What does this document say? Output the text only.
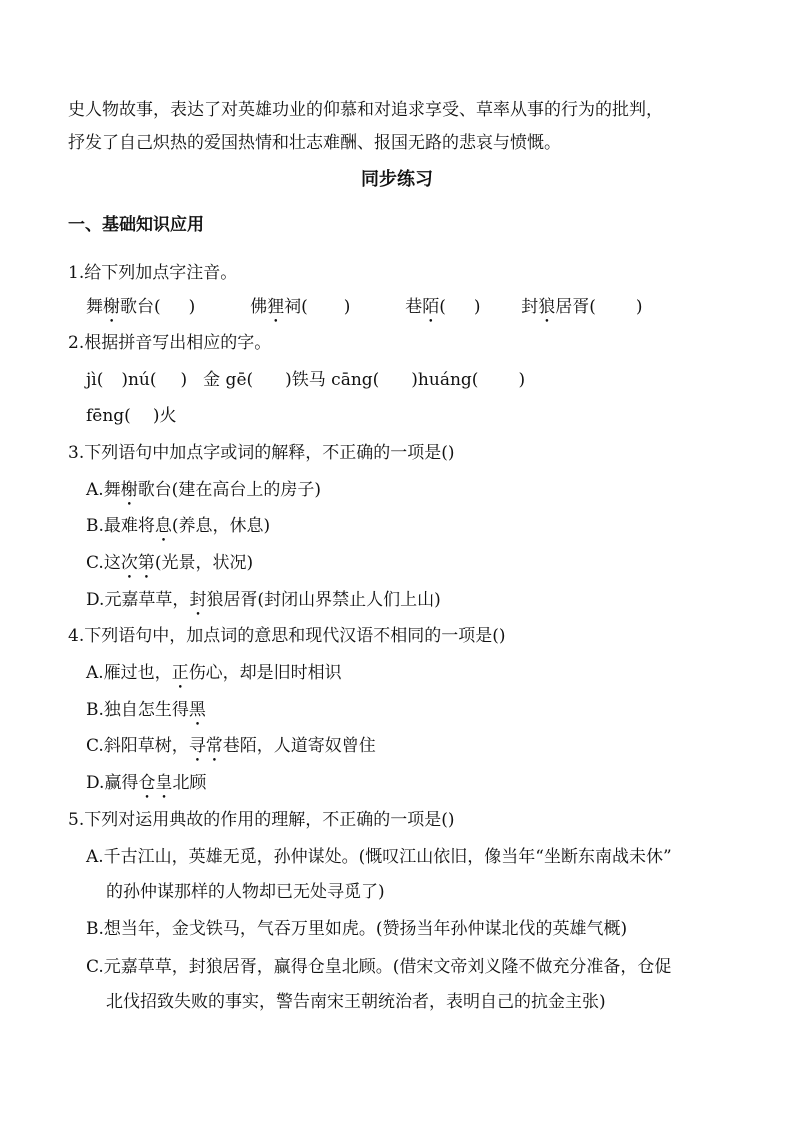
史人物故事，表达了对英雄功业的仰慕和对追求享受、草率从事的行为的批判，
抒发了自己炽热的爱国热情和壮志难酬、报国无路的悲哀与愤慨。
同步练习
一、基础知识应用
1.给下列加点字注音。
舞榭歌台( )	佛狸祠( )	巷陌( ) 封狼居胥( )
2.根据拼音写出相应的字。
jì( )nú( ) 金 gē( )铁马 cāng( )huáng( )
fēng( )火
3.下列语句中加点字或词的解释，不正确的一项是()
A.舞榭歌台(建在高台上的房子)
B.最难将息(养息，休息)
C.这次第(光景，状况)
D.元嘉草草，封狼居胥(封闭山界禁止人们上山)
4.下列语句中，加点词的意思和现代汉语不相同的一项是()
A.雁过也，正伤心，却是旧时相识
B.独自怎生得黑
C.斜阳草树，寻常巷陌，人道寄奴曾住
D.赢得仓皇北顾
5.下列对运用典故的作用的理解，不正确的一项是()
A.千古江山，英雄无觅，孙仲谋处。(慨叹江山依旧，像当年“坐断东南战未休”
的孙仲谋那样的人物却已无处寻觅了)
B.想当年，金戈铁马，气吞万里如虎。(赞扬当年孙仲谋北伐的英雄气概)
C.元嘉草草，封狼居胥，赢得仓皇北顾。(借宋文帝刘义隆不做充分准备，仓促
北伐招致失败的事实，警告南宋王朝统治者，表明自己的抗金主张)
